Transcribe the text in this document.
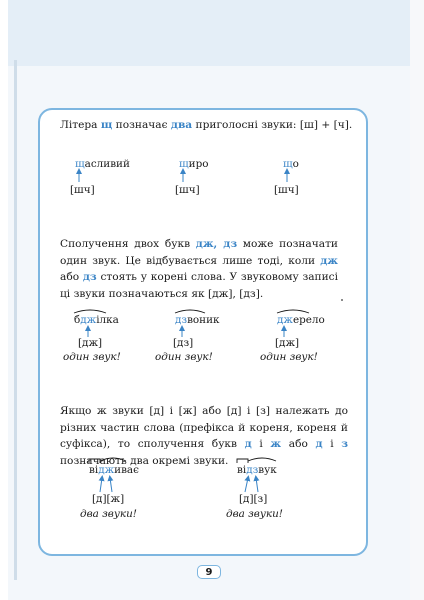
Літера щ позначає два приголосні звуки: [ш] + [ч].

щасливий
[шч]
щиро
[шч]
що
[шч]

Сполучення двох букв дж, дз може позначати один звук. Це відбувається лише тоді, коли дж або дз стоять у корені слова. У звуковому записі ці звуки позначаються як [дж], [дз].

бджілка
[дж]
один звук!
дзвоник
[дз]
один звук!
джерело
[дж]
один звук!

Якщо ж звуки [д] і [ж] або [д] і [з] належать до різних частин слова (префікса й кореня, кореня й суфікса), то сполучення букв д і ж або д і з позначають два окремі звуки.

відживає
[д][ж]
два звуки!
відзвук
[д][з]
два звуки!
9
